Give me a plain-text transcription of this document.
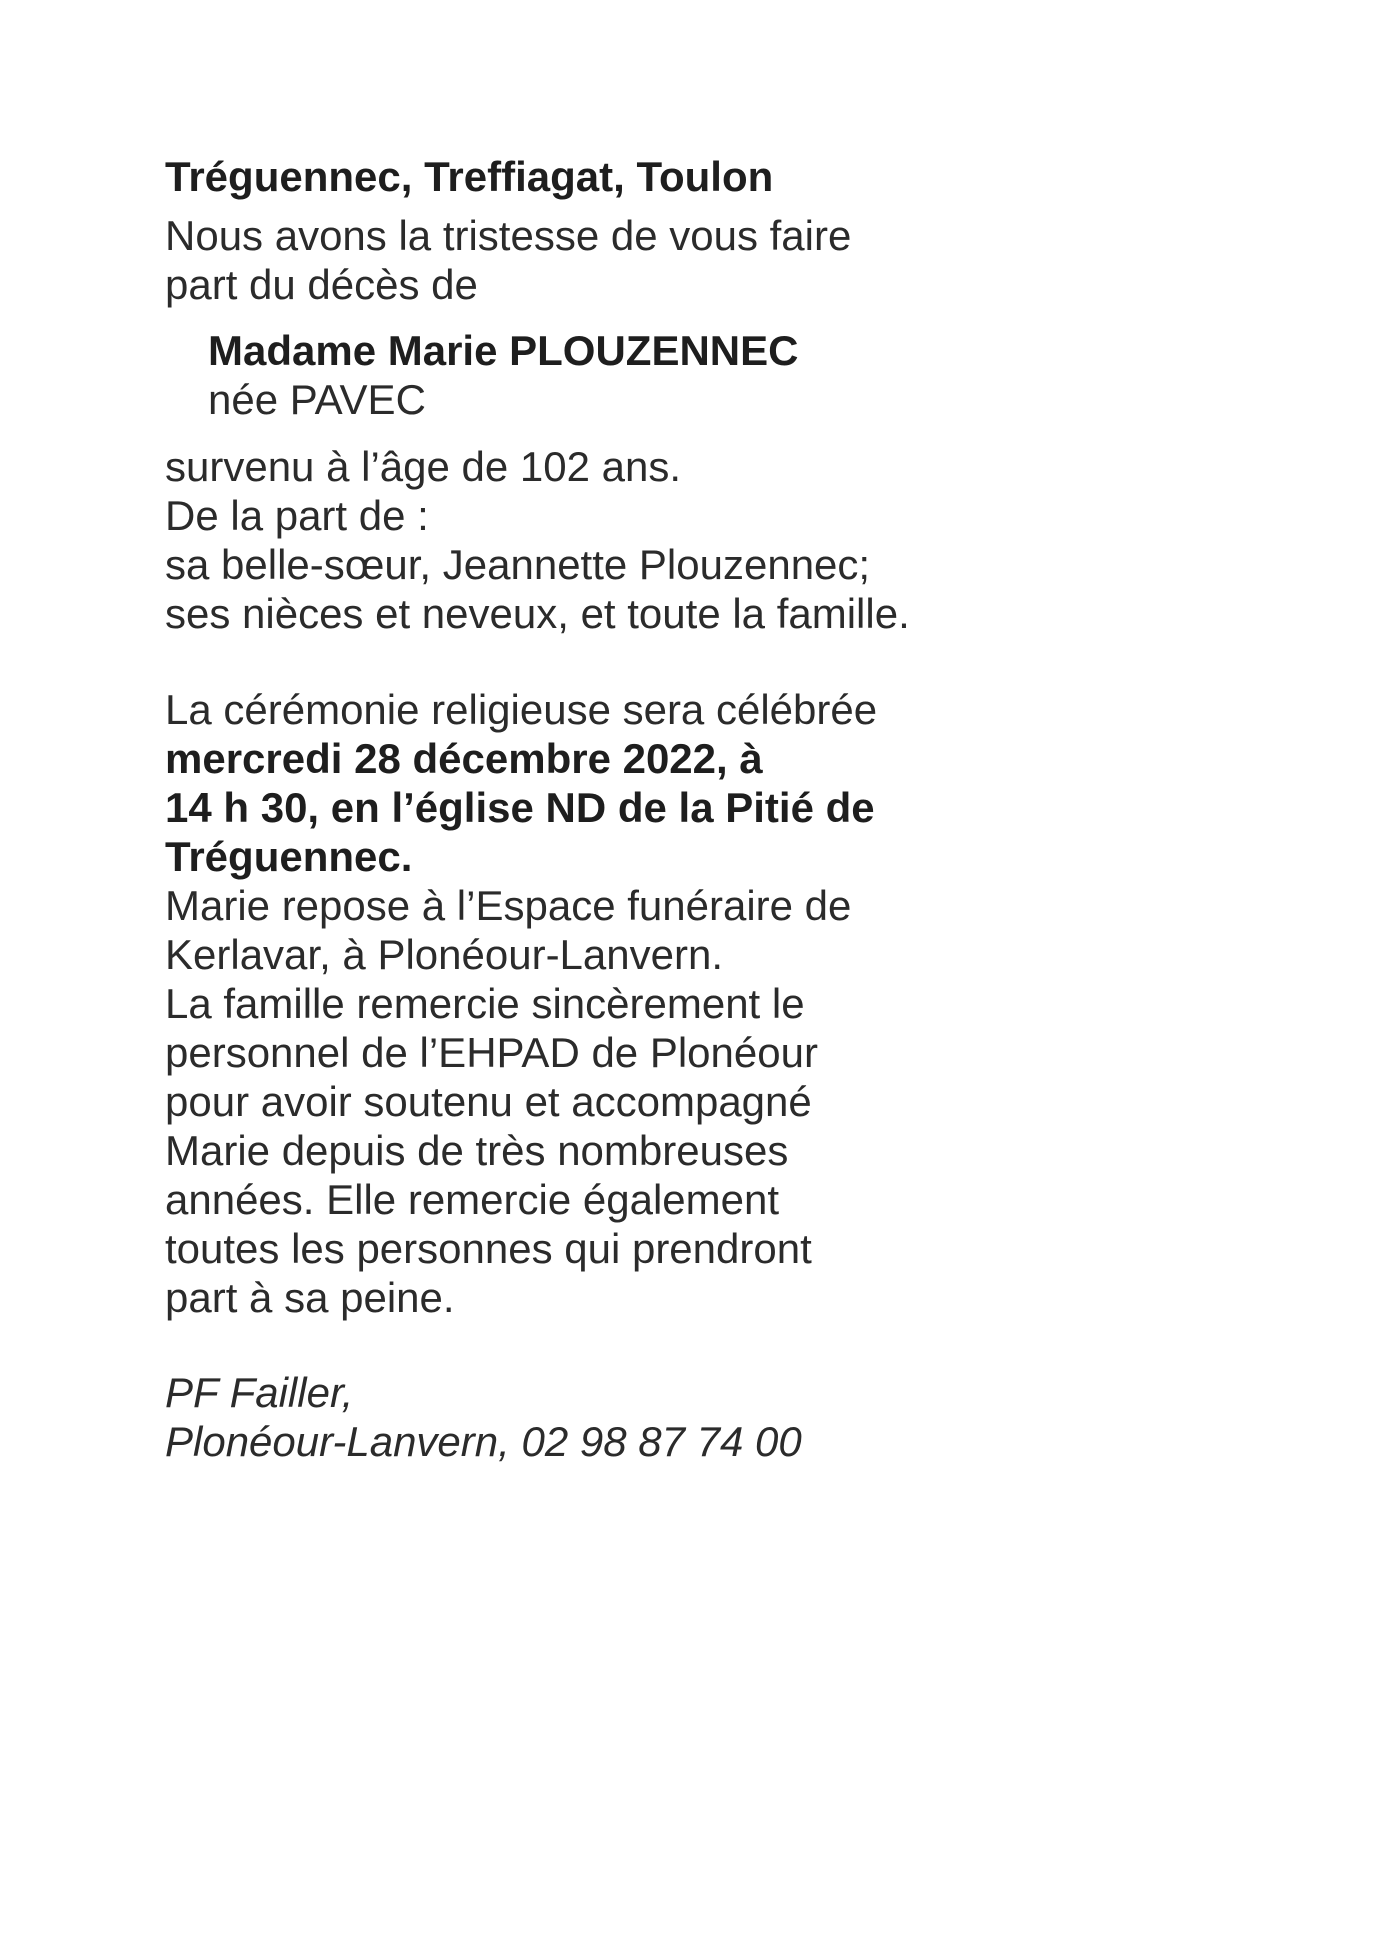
Tréguennec, Treffiagat, Toulon
Nous avons la tristesse de vous faire
part du décès de
Madame Marie PLOUZENNEC
née PAVEC
survenu à l’âge de 102 ans.
De la part de :
sa belle-sœur, Jeannette Plouzennec;
ses nièces et neveux, et toute la famille.
La cérémonie religieuse sera célébrée
mercredi 28 décembre 2022, à
14 h 30, en l’église ND de la Pitié de
Tréguennec.
Marie repose à l’Espace funéraire de
Kerlavar, à Plonéour-Lanvern.
La famille remercie sincèrement le
personnel de l’EHPAD de Plonéour
pour avoir soutenu et accompagné
Marie depuis de très nombreuses
années. Elle remercie également
toutes les personnes qui prendront
part à sa peine.
PF Failler,
Plonéour-Lanvern, 02 98 87 74 00
